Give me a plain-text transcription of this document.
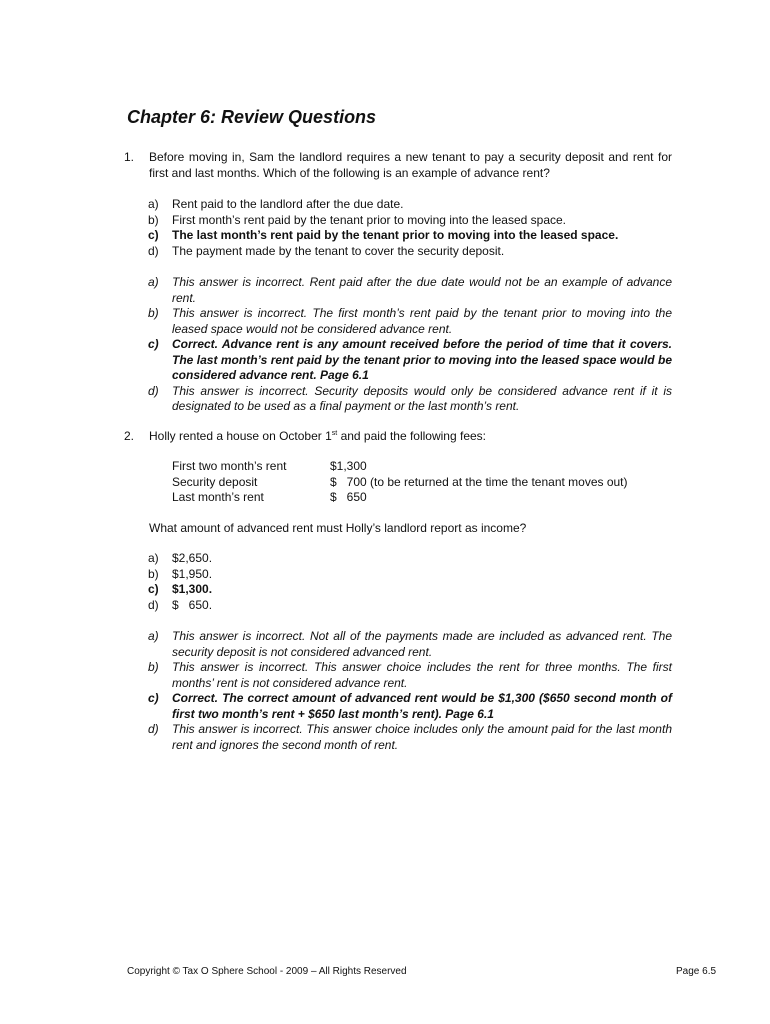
Chapter 6: Review Questions
1. Before moving in, Sam the landlord requires a new tenant to pay a security deposit and rent for first and last months. Which of the following is an example of advance rent?
a)	Rent paid to the landlord after the due date.
b)	First month’s rent paid by the tenant prior to moving into the leased space.
c)	The last month’s rent paid by the tenant prior to moving into the leased space.
d)	The payment made by the tenant to cover the security deposit.
a)	This answer is incorrect. Rent paid after the due date would not be an example of advance rent.
b)	This answer is incorrect. The first month’s rent paid by the tenant prior to moving into the leased space would not be considered advance rent.
c)	Correct. Advance rent is any amount received before the period of time that it covers. The last month’s rent paid by the tenant prior to moving into the leased space would be considered advance rent. Page 6.1
d)	This answer is incorrect. Security deposits would only be considered advance rent if it is designated to be used as a final payment or the last month’s rent.
2. Holly rented a house on October 1st and paid the following fees:
First two month’s rent	$1,300
Security deposit	$   700 (to be returned at the time the tenant moves out)
Last month’s rent	$   650
What amount of advanced rent must Holly’s landlord report as income?
a)	$2,650.
b)	$1,950.
c)	$1,300.
d)	$   650.
a)	This answer is incorrect. Not all of the payments made are included as advanced rent. The security deposit is not considered advanced rent.
b)	This answer is incorrect. This answer choice includes the rent for three months. The first months’ rent is not considered advance rent.
c)	Correct. The correct amount of advanced rent would be $1,300 ($650 second month of first two month’s rent + $650 last month’s rent). Page 6.1
d)	This answer is incorrect. This answer choice includes only the amount paid for the last month rent and ignores the second month of rent.
Copyright © Tax O Sphere School - 2009 – All Rights Reserved	Page 6.5
